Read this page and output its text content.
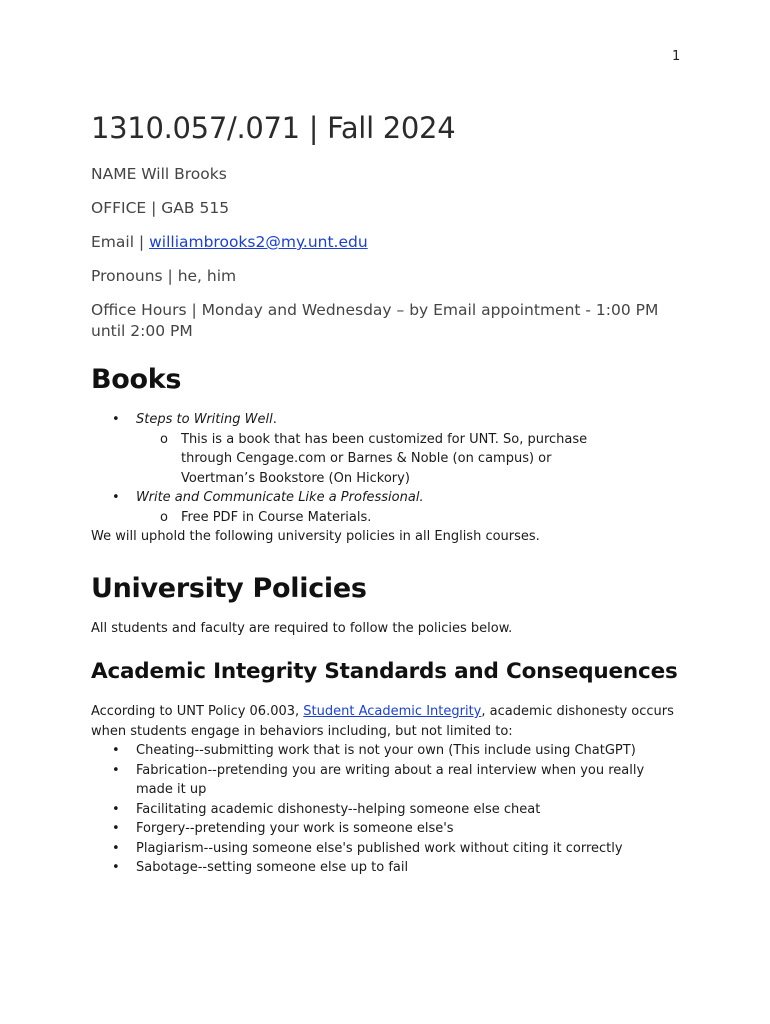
1
1310.057/.071 | Fall 2024

NAME Will Brooks

OFFICE | GAB 515

Email | williambrooks2@my.unt.edu

Pronouns | he, him

Office Hours | Monday and Wednesday – by Email appointment - 1:00 PM until 2:00 PM

Books
• Steps to Writing Well.
o This is a book that has been customized for UNT. So, purchase through Cengage.com or Barnes & Noble (on campus) or Voertman’s Bookstore (On Hickory)
• Write and Communicate Like a Professional.
o Free PDF in Course Materials.

We will uphold the following university policies in all English courses.

University Policies

All students and faculty are required to follow the policies below.

Academic Integrity Standards and Consequences

According to UNT Policy 06.003, Student Academic Integrity, academic dishonesty occurs when students engage in behaviors including, but not limited to:

• Cheating--submitting work that is not your own (This include using ChatGPT)
• Fabrication--pretending you are writing about a real interview when you really made it up
• Facilitating academic dishonesty--helping someone else cheat
• Forgery--pretending your work is someone else's
• Plagiarism--using someone else's published work without citing it correctly
• Sabotage--setting someone else up to fail
